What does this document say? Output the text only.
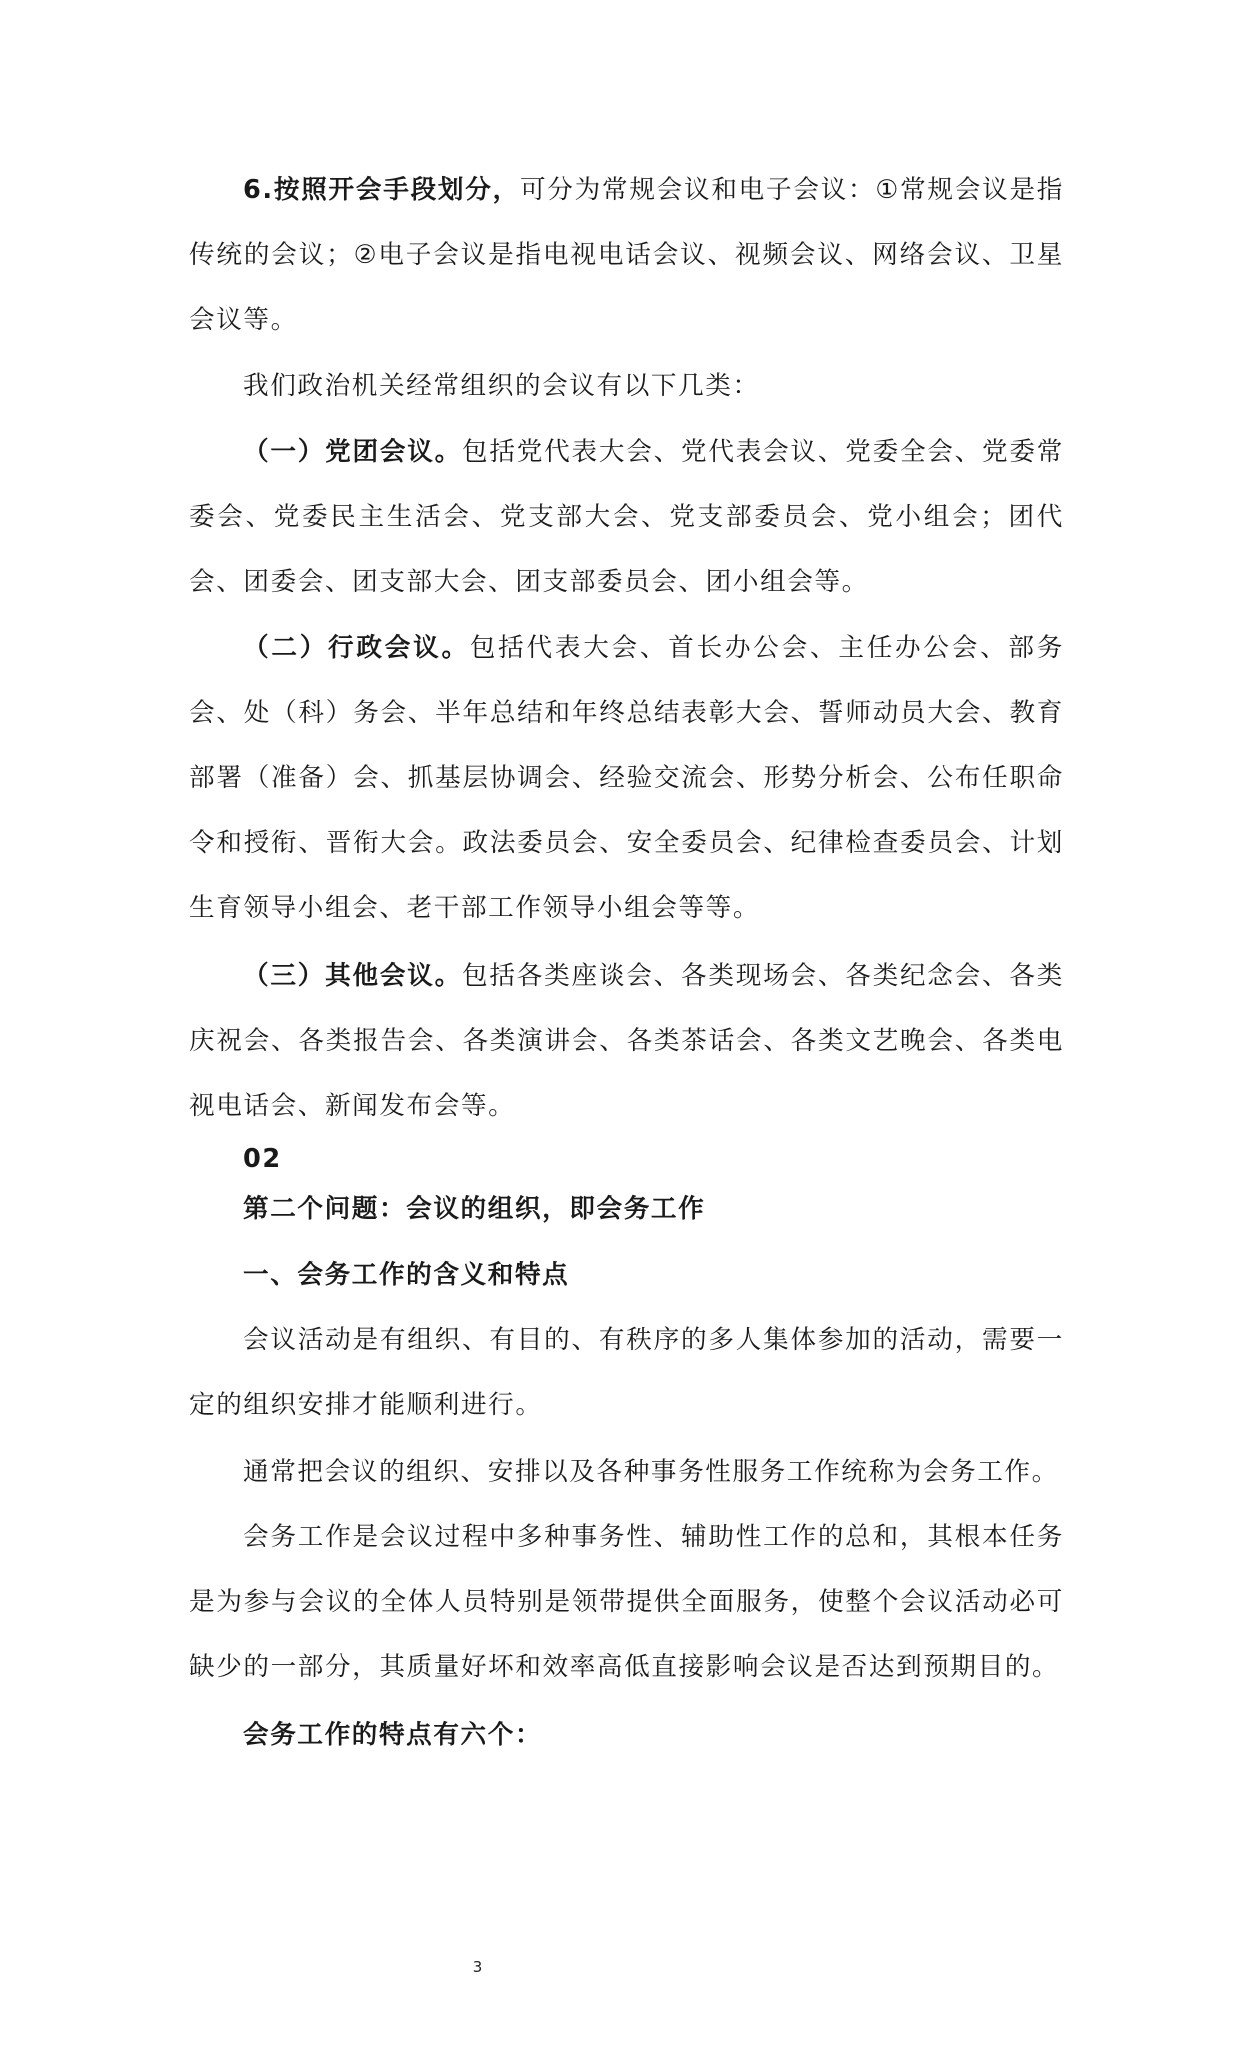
6.按照开会手段划分，可分为常规会议和电子会议：①常规会议是指传统的会议；②电子会议是指电视电话会议、视频会议、网络会议、卫星会议等。

我们政治机关经常组织的会议有以下几类：

（一）党团会议。包括党代表大会、党代表会议、党委全会、党委常委会、党委民主生活会、党支部大会、党支部委员会、党小组会；团代会、团委会、团支部大会、团支部委员会、团小组会等。

（二）行政会议。包括代表大会、首长办公会、主任办公会、部务会、处（科）务会、半年总结和年终总结表彰大会、誓师动员大会、教育部署（准备）会、抓基层协调会、经验交流会、形势分析会、公布任职命令和授衔、晋衔大会。政法委员会、安全委员会、纪律检查委员会、计划生育领导小组会、老干部工作领导小组会等等。

（三）其他会议。包括各类座谈会、各类现场会、各类纪念会、各类庆祝会、各类报告会、各类演讲会、各类茶话会、各类文艺晚会、各类电视电话会、新闻发布会等。

02

第二个问题：会议的组织，即会务工作

一、会务工作的含义和特点

会议活动是有组织、有目的、有秩序的多人集体参加的活动，需要一定的组织安排才能顺利进行。

通常把会议的组织、安排以及各种事务性服务工作统称为会务工作。

会务工作是会议过程中多种事务性、辅助性工作的总和，其根本任务是为参与会议的全体人员特别是领带提供全面服务，使整个会议活动必可缺少的一部分，其质量好坏和效率高低直接影响会议是否达到预期目的。

会务工作的特点有六个：

3
